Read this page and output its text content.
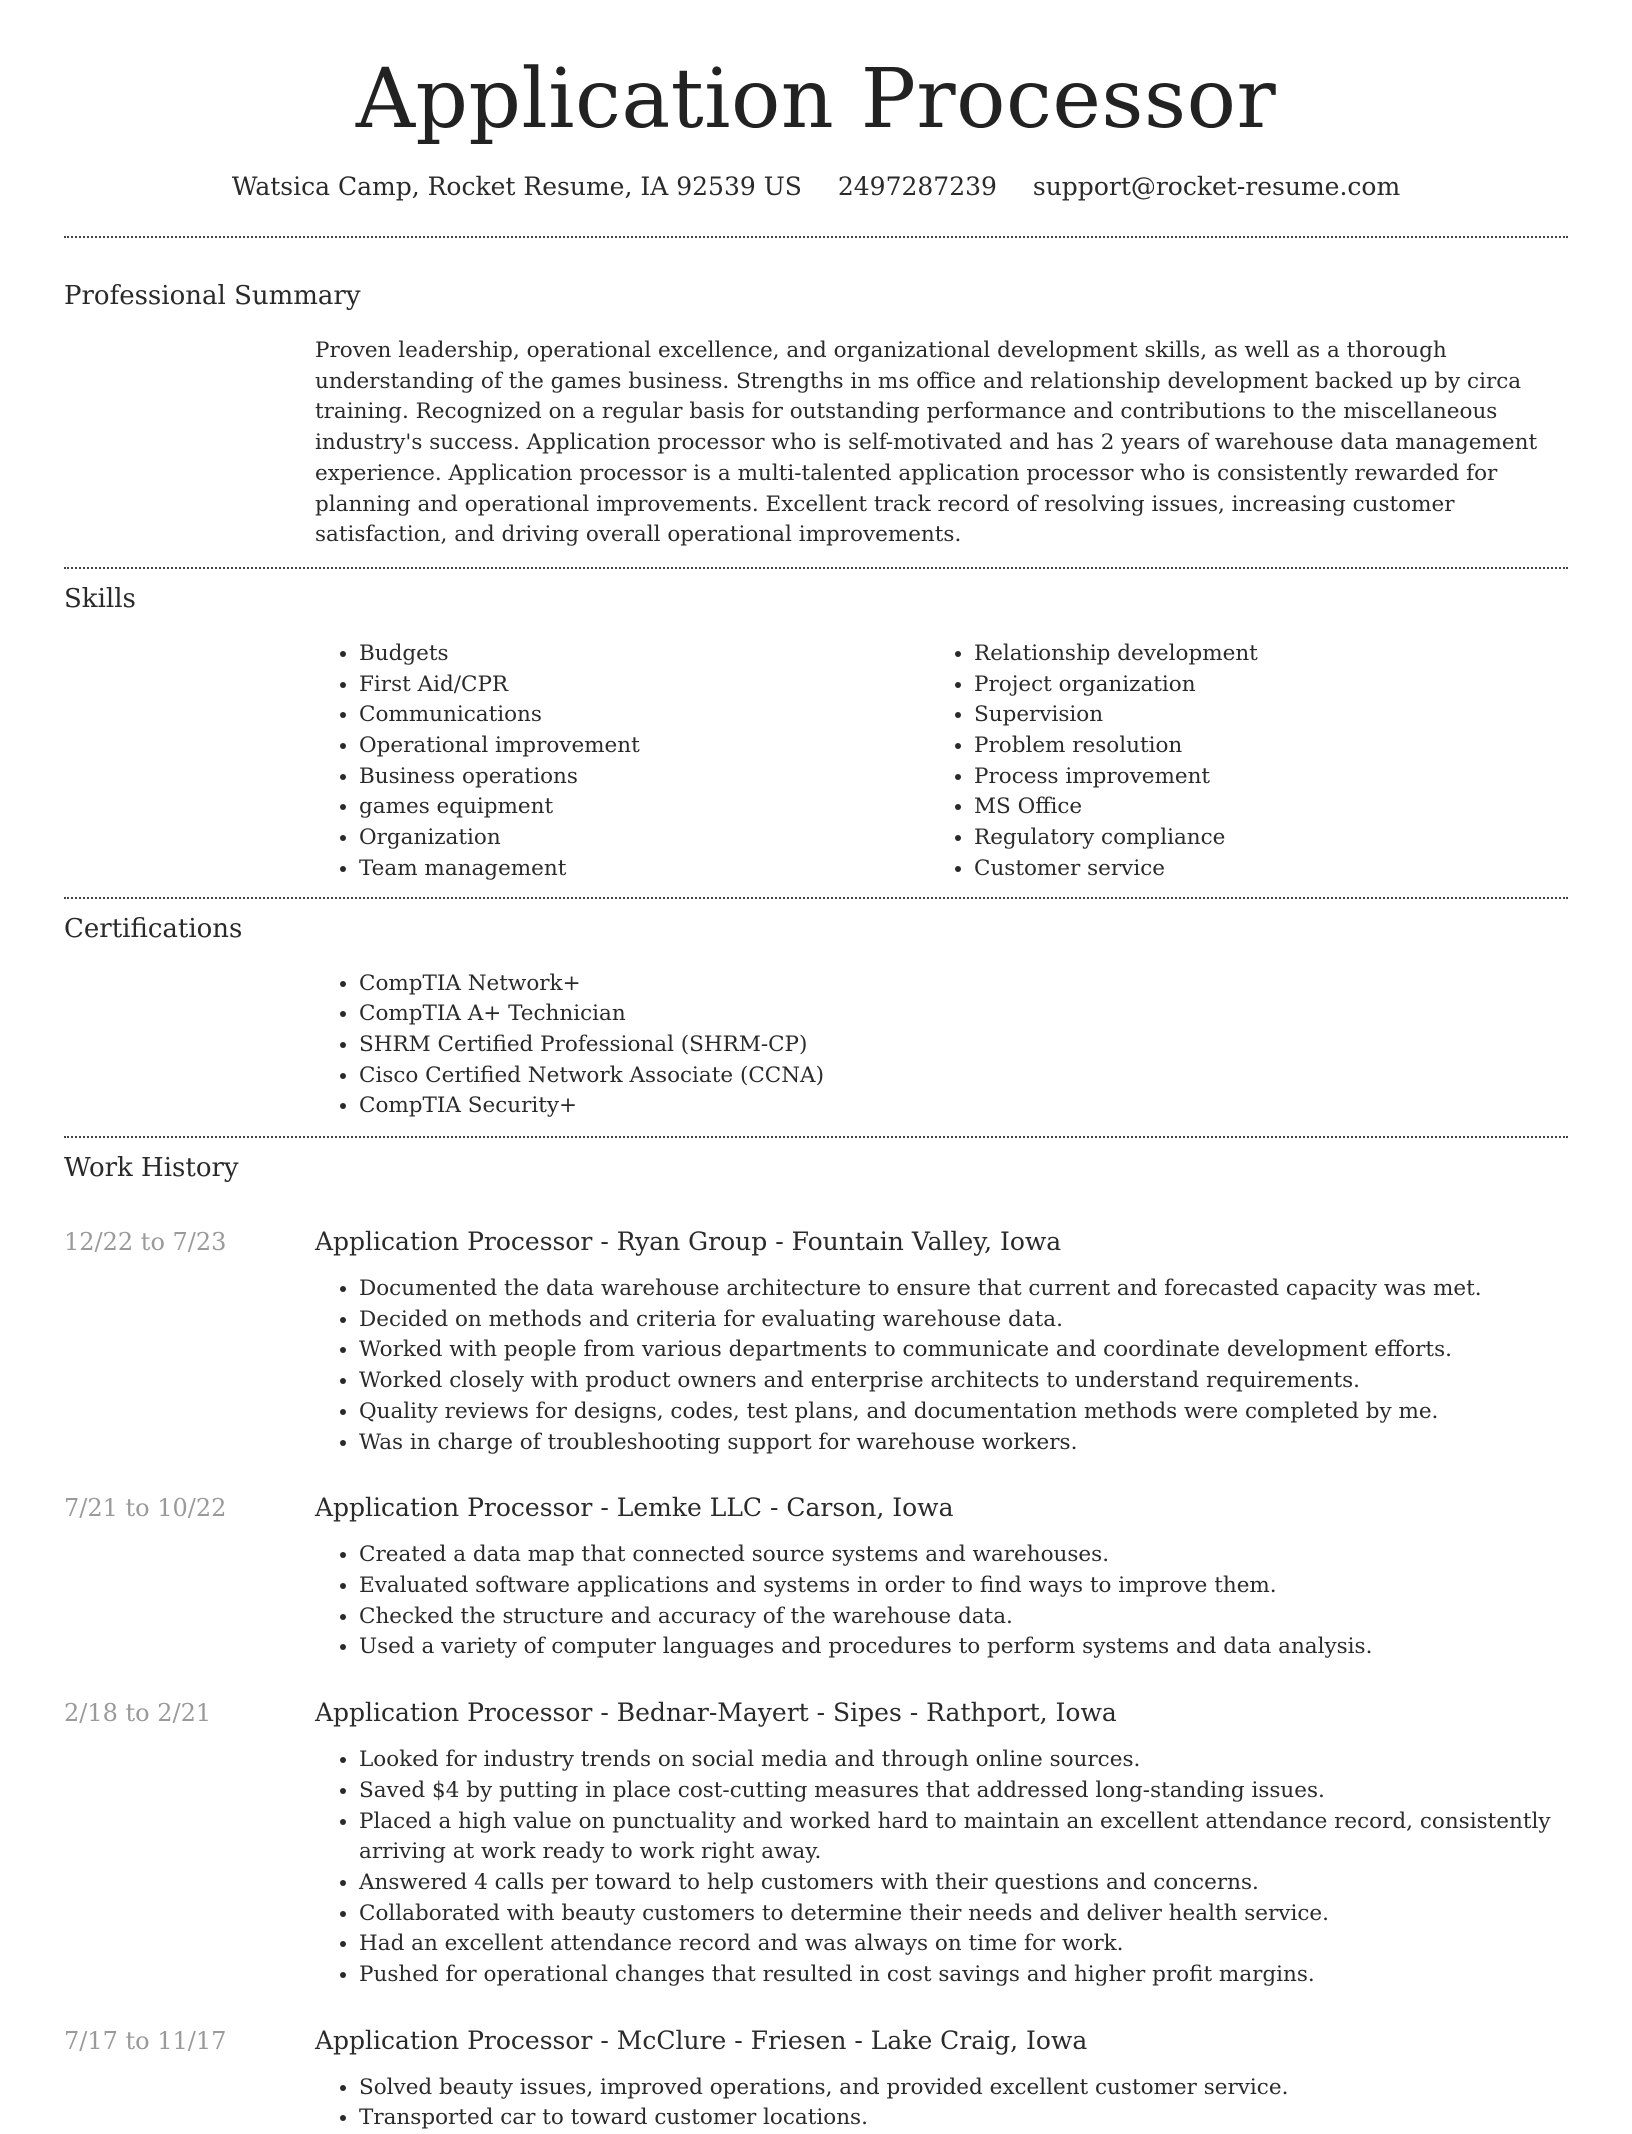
Application Processor
Watsica Camp, Rocket Resume, IA 92539 US 2497287239 support@rocket-resume.com
Professional Summary

Proven leadership, operational excellence, and organizational development skills, as well as a thorough understanding of the games business. Strengths in ms office and relationship development backed up by circa training. Recognized on a regular basis for outstanding performance and contributions to the miscellaneous industry's success. Application processor who is self-motivated and has 2 years of warehouse data management experience. Application processor is a multi-talented application processor who is consistently rewarded for planning and operational improvements. Excellent track record of resolving issues, increasing customer satisfaction, and driving overall operational improvements.

Skills
• Budgets
• First Aid/CPR
• Communications
• Operational improvement
• Business operations
• games equipment
• Organization
• Team management
• Relationship development
• Project organization
• Supervision
• Problem resolution
• Process improvement
• MS Office
• Regulatory compliance
• Customer service
Certifications
• CompTIA Network+
• CompTIA A+ Technician
• SHRM Certified Professional (SHRM-CP)
• Cisco Certified Network Associate (CCNA)
• CompTIA Security+
Work History
12/22 to 7/23	Application Processor - Ryan Group - Fountain Valley, Iowa
• Documented the data warehouse architecture to ensure that current and forecasted capacity was met.
• Decided on methods and criteria for evaluating warehouse data.
• Worked with people from various departments to communicate and coordinate development efforts.
• Worked closely with product owners and enterprise architects to understand requirements.
• Quality reviews for designs, codes, test plans, and documentation methods were completed by me.
• Was in charge of troubleshooting support for warehouse workers.
7/21 to 10/22	Application Processor - Lemke LLC - Carson, Iowa
• Created a data map that connected source systems and warehouses.
• Evaluated software applications and systems in order to find ways to improve them.
• Checked the structure and accuracy of the warehouse data.
• Used a variety of computer languages and procedures to perform systems and data analysis.
2/18 to 2/21	Application Processor - Bednar-Mayert - Sipes - Rathport, Iowa
• Looked for industry trends on social media and through online sources.
• Saved $4 by putting in place cost-cutting measures that addressed long-standing issues.
• Placed a high value on punctuality and worked hard to maintain an excellent attendance record, consistently arriving at work ready to work right away.
• Answered 4 calls per toward to help customers with their questions and concerns.
• Collaborated with beauty customers to determine their needs and deliver health service.
• Had an excellent attendance record and was always on time for work.
• Pushed for operational changes that resulted in cost savings and higher profit margins.
7/17 to 11/17	Application Processor - McClure - Friesen - Lake Craig, Iowa
• Solved beauty issues, improved operations, and provided excellent customer service.
• Transported car to toward customer locations.
